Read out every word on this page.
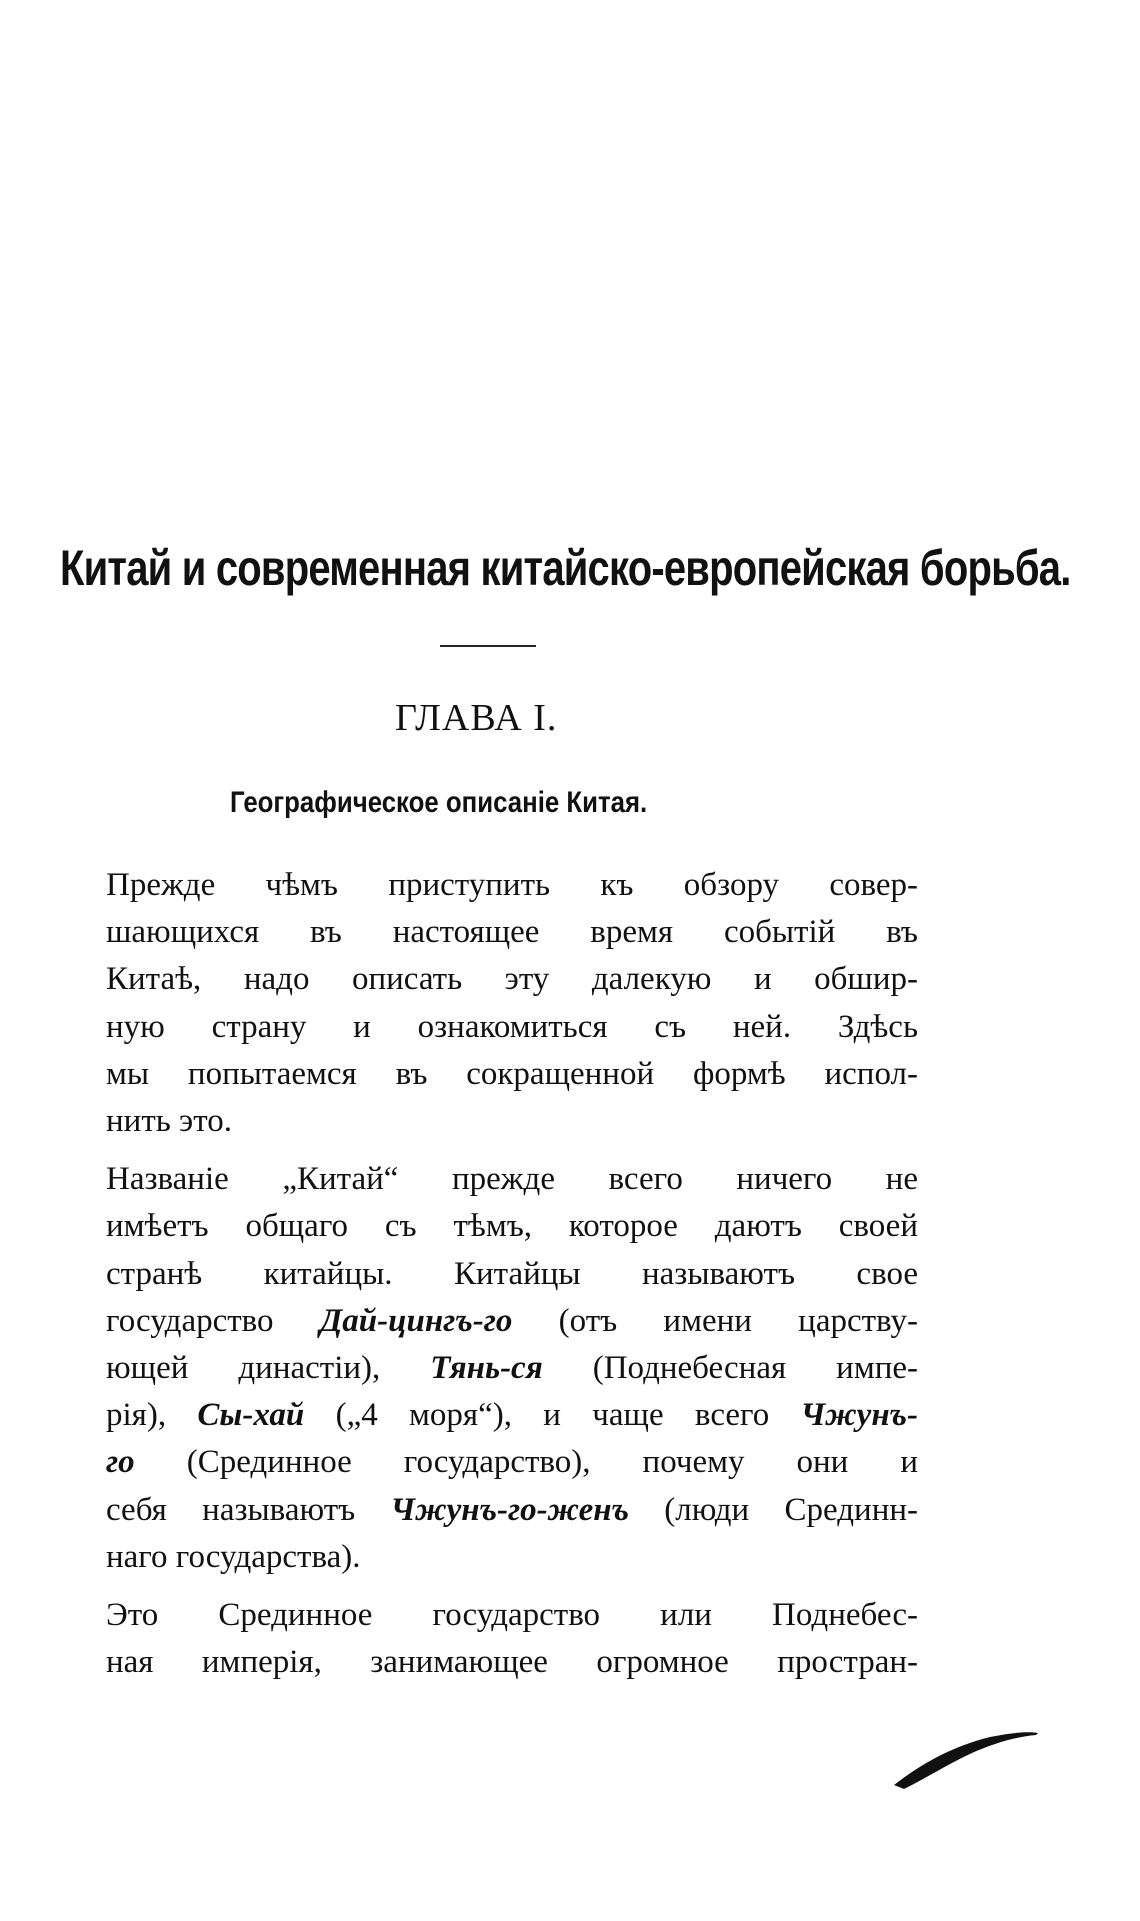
Китай и современная китайско-европейская борьба.
ГЛАВА I.
Географическое описаніе Китая.

Прежде чѣмъ приступить къ обзору совер-
шающихся въ настоящее время событій въ
Китаѣ, надо описать эту далекую и обшир-
ную страну и ознакомиться съ ней. Здѣсь
мы попытаемся въ сокращенной формѣ испол-
нить это.

Названіе „Китай“ прежде всего ничего не
имѣетъ общаго съ тѣмъ, которое даютъ своей
странѣ китайцы. Китайцы называютъ свое
государство Дай-цингъ-го (отъ имени царству-
ющей династіи), Тянь-ся (Поднебесная импе-
рія), Сы-хай („4 моря“), и чаще всего Чжунъ-
го (Срединное государство), почему они и
себя называютъ Чжунъ-го-женъ (люди Срединн-
наго государства).

Это Срединное государство или Поднебес-
ная имперія, занимающее огромное простран-
